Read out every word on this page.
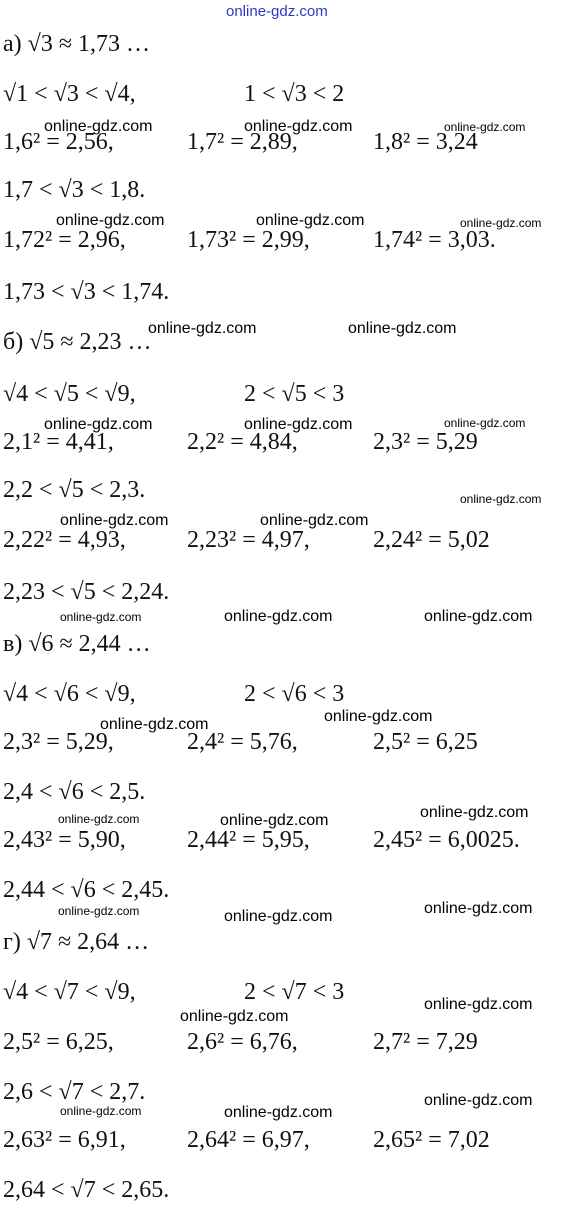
online-gdz.com
а) √3 ≈ 1,73 …
√1 < √3 < √4,	1 < √3 < 2
1,6² = 2,56,	1,7² = 2,89,	1,8² = 3,24
1,7 < √3 < 1,8.
1,72² = 2,96,	1,73² = 2,99,	1,74² = 3,03.
1,73 < √3 < 1,74.
б) √5 ≈ 2,23 …
√4 < √5 < √9,	2 < √5 < 3
2,1² = 4,41,	2,2² = 4,84,	2,3² = 5,29
2,2 < √5 < 2,3.
2,22² = 4,93,	2,23² = 4,97,	2,24² = 5,02
2,23 < √5 < 2,24.
в) √6 ≈ 2,44 …
√4 < √6 < √9,	2 < √6 < 3
2,3² = 5,29,	2,4² = 5,76,	2,5² = 6,25
2,4 < √6 < 2,5.
2,43² = 5,90,	2,44² = 5,95,	2,45² = 6,0025.
2,44 < √6 < 2,45.
г) √7 ≈ 2,64 …
√4 < √7 < √9,	2 < √7 < 3
2,5² = 6,25,	2,6² = 6,76,	2,7² = 7,29
2,6 < √7 < 2,7.
2,63² = 6,91,	2,64² = 6,97,	2,65² = 7,02
2,64 < √7 < 2,65.
online-gdz.com	online-gdz.com	online-gdz.com
online-gdz.com	online-gdz.com	online-gdz.com
online-gdz.com	online-gdz.com
online-gdz.com	online-gdz.com	online-gdz.com
online-gdz.com
online-gdz.com	online-gdz.com
online-gdz.com	online-gdz.com	online-gdz.com
online-gdz.com	online-gdz.com
online-gdz.com	online-gdz.com	online-gdz.com
online-gdz.com	online-gdz.com	online-gdz.com
online-gdz.com
online-gdz.com
online-gdz.com	online-gdz.com
online-gdz.com
